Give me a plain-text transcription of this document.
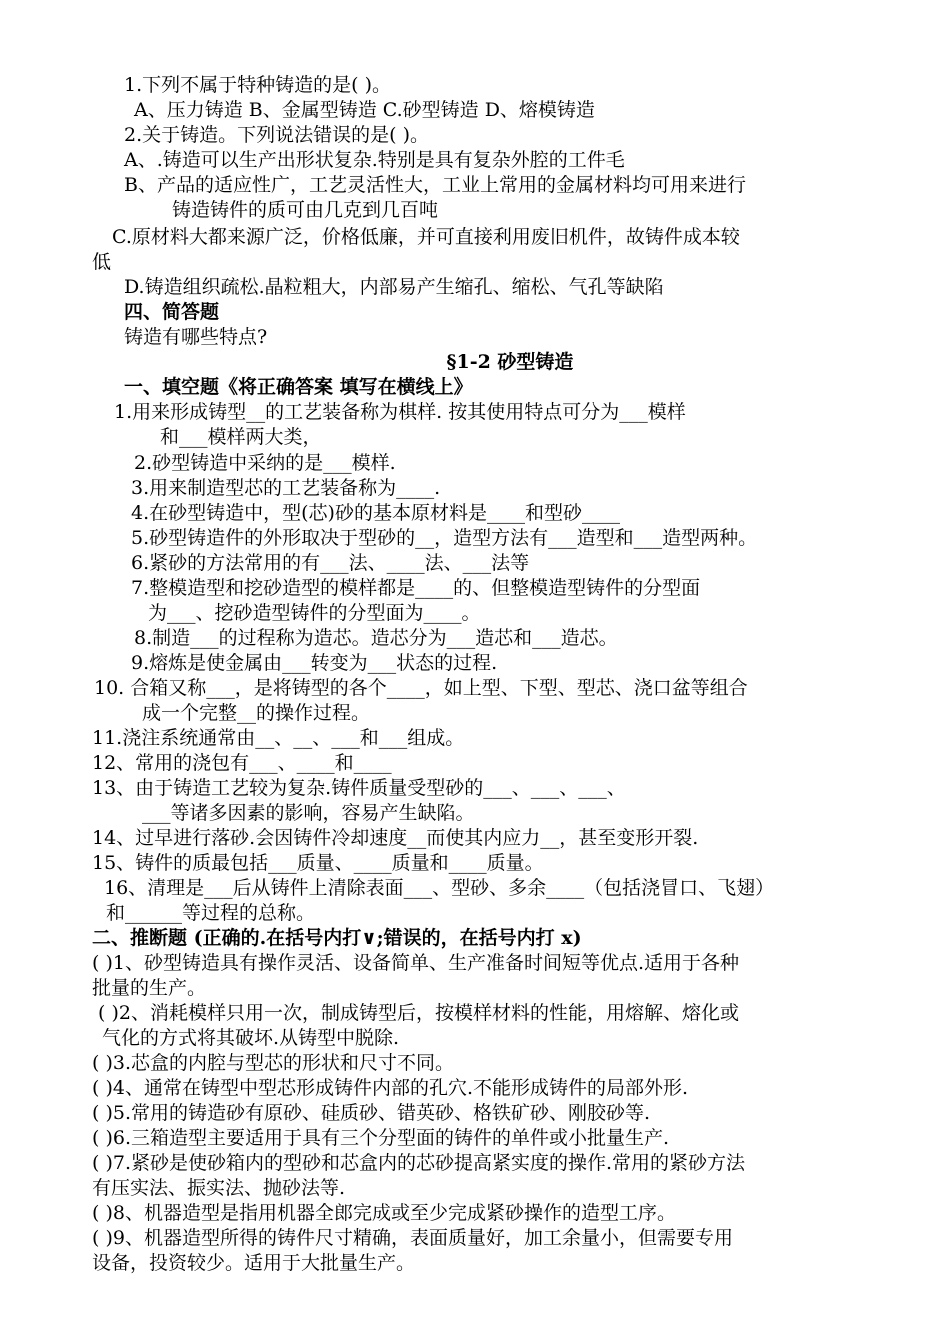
1.下列不属于特种铸造的是( )。
A、压力铸造 B、金属型铸造 C.砂型铸造 D、熔模铸造
2.关于铸造。下列说法错误的是( )。
A、.铸造可以生产出形状复杂.特别是具有复杂外腔的工件毛
B、产品的适应性广，工艺灵活性大，工业上常用的金属材料均可用来进行
铸造铸件的质可由几克到几百吨
C.原材料大都来源广泛，价格低廉，并可直接利用废旧机件，故铸件成本较
低
D.铸造组织疏松.晶粒粗大，内部易产生缩孔、缩松、气孔等缺陷
四、简答题
铸造有哪些特点?
§1-2 砂型铸造
一、填空题《将正确答案 填写在横线上》
1.用来形成铸型__的工艺装备称为棋样. 按其使用特点可分为___模样
和___模样两大类，
2.砂型铸造中采纳的是___模样.
3.用来制造型芯的工艺装备称为____.
4.在砂型铸造中，型(芯)砂的基本原材料是____和型砂____
5.砂型铸造件的外形取决于型砂的__，造型方法有___造型和___造型两种。
6.紧砂的方法常用的有___法、____法、___法等
7.整模造型和挖砂造型的模样都是____的、但整模造型铸件的分型面
为___、挖砂造型铸件的分型面为____。
8.制造___的过程称为造芯。造芯分为___造芯和___造芯。
9.熔炼是使金属由___转变为___状态的过程.
10. 合箱又称___，是将铸型的各个____，如上型、下型、型芯、浇口盆等组合
成一个完整__的操作过程。
11.浇注系统通常由__、__、___和___组成。
12、常用的浇包有___、____和____
13、由于铸造工艺较为复杂.铸件质量受型砂的___、___、___、
___等诸多因素的影响，容易产生缺陷。
14、过早进行落砂.会因铸件冷却速度__而使其内应力__，甚至变形开裂.
15、铸件的质最包括___质量、____质量和____质量。
16、清理是___后从铸件上清除表面___、型砂、多余____（包括浇冒口、飞翅）
和______等过程的总称。
二、推断题 (正确的.在括号内打∨;错误的，在括号内打 x)
( )1、砂型铸造具有操作灵活、设备简单、生产准备时间短等优点.适用于各种
批量的生产。
( )2、消耗模样只用一次，制成铸型后，按模样材料的性能，用熔解、熔化或
气化的方式将其破坏.从铸型中脱除.
( )3.芯盒的内腔与型芯的形状和尺寸不同。
( )4、通常在铸型中型芯形成铸件内部的孔穴.不能形成铸件的局部外形.
( )5.常用的铸造砂有原砂、硅质砂、错英砂、格铁矿砂、刚胶砂等.
( )6.三箱造型主要适用于具有三个分型面的铸件的单件或小批量生产.
( )7.紧砂是使砂箱内的型砂和芯盒内的芯砂提高紧实度的操作.常用的紧砂方法
有压实法、振实法、抛砂法等.
( )8、机器造型是指用机器全郎完成或至少完成紧砂操作的造型工序。
( )9、机器造型所得的铸件尺寸精确，表面质量好，加工余量小，但需要专用
设备，投资较少。适用于大批量生产。
